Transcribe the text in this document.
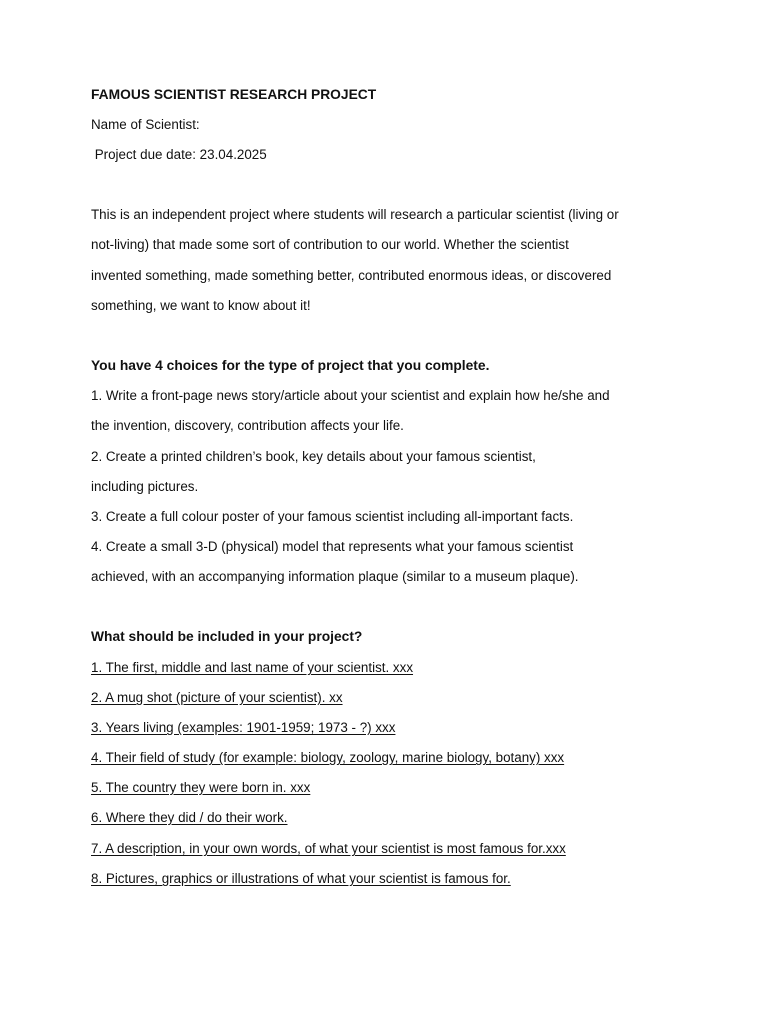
FAMOUS SCIENTIST RESEARCH PROJECT
Name of Scientist:
Project due date: 23.04.2025
This is an independent project where students will research a particular scientist (living or
not-living) that made some sort of contribution to our world. Whether the scientist
invented something, made something better, contributed enormous ideas, or discovered
something, we want to know about it!
You have 4 choices for the type of project that you complete.
1. Write a front-page news story/article about your scientist and explain how he/she and
the invention, discovery, contribution affects your life.
2. Create a printed children’s book, key details about your famous scientist,
including pictures.
3. Create a full colour poster of your famous scientist including all-important facts.
4. Create a small 3-D (physical) model that represents what your famous scientist
achieved, with an accompanying information plaque (similar to a museum plaque).
What should be included in your project?
1. The first, middle and last name of your scientist. xxx
2. A mug shot (picture of your scientist). xx
3. Years living (examples: 1901-1959; 1973 - ?) xxx
4. Their field of study (for example: biology, zoology, marine biology, botany) xxx
5. The country they were born in. xxx
6. Where they did / do their work.
7. A description, in your own words, of what your scientist is most famous for.xxx
8. Pictures, graphics or illustrations of what your scientist is famous for.
